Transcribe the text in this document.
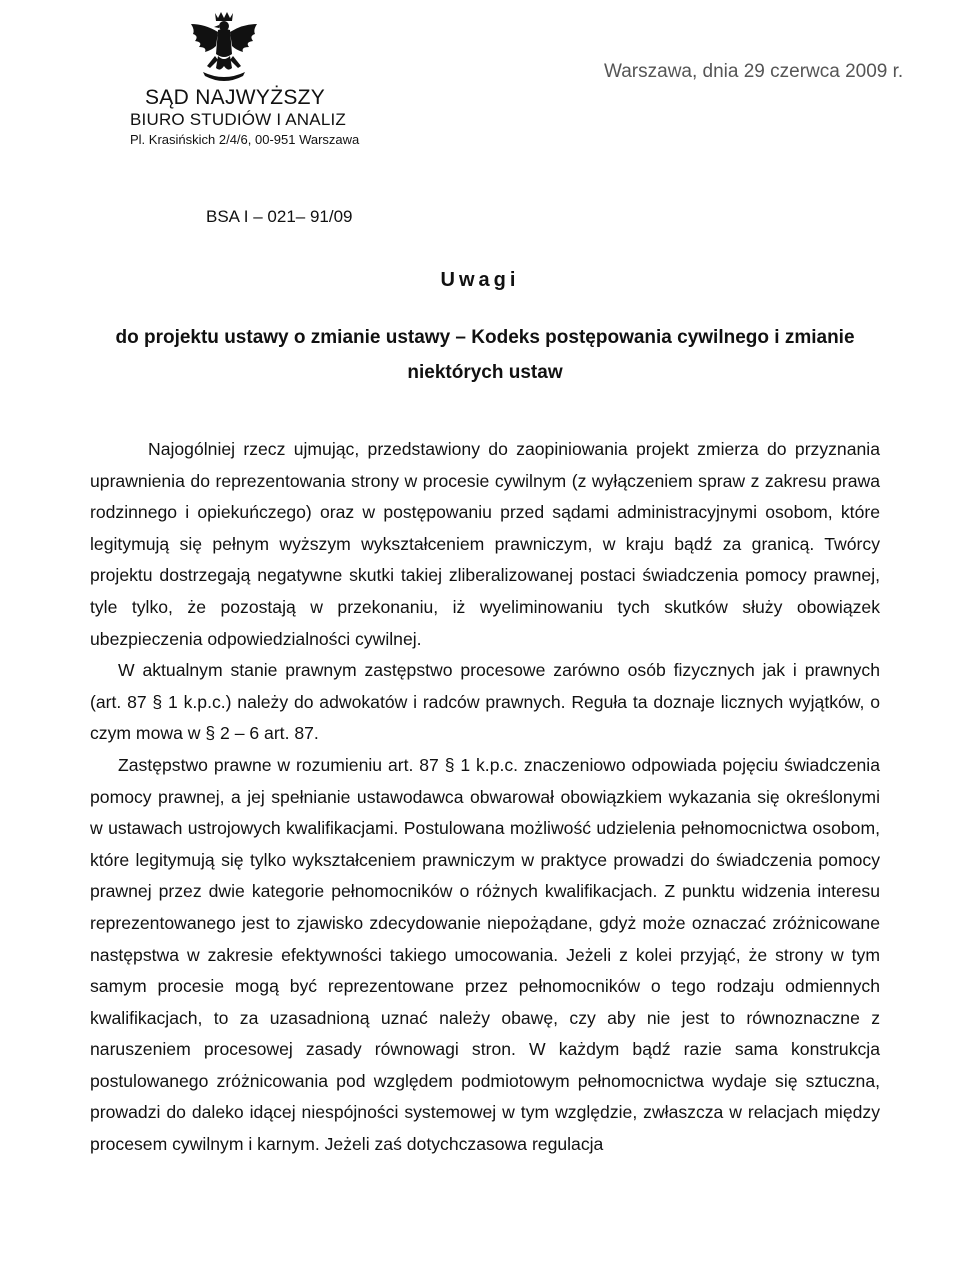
SĄD NAJWYŻSZY
BIURO STUDIÓW I ANALIZ
Pl. Krasińskich 2/4/6, 00-951 Warszawa
Warszawa, dnia 29 czerwca 2009 r.
BSA I – 021– 91/09
Uwagi
do projektu ustawy o zmianie ustawy – Kodeks postępowania cywilnego i zmianie niektórych ustaw

Najogólniej rzecz ujmując, przedstawiony do zaopiniowania projekt zmierza do przyznania uprawnienia do reprezentowania strony w procesie cywilnym (z wyłączeniem spraw z zakresu prawa rodzinnego i opiekuńczego) oraz w postępowaniu przed sądami administracyjnymi osobom, które legitymują się pełnym wyższym wykształceniem prawniczym, w kraju bądź za granicą. Twórcy projektu dostrzegają negatywne skutki takiej zliberalizowanej postaci świadczenia pomocy prawnej, tyle tylko, że pozostają w przekonaniu, iż wyeliminowaniu tych skutków służy obowiązek ubezpieczenia odpowiedzialności cywilnej.

W aktualnym stanie prawnym zastępstwo procesowe zarówno osób fizycznych jak i prawnych (art. 87 § 1 k.p.c.) należy do adwokatów i radców prawnych. Reguła ta doznaje licznych wyjątków, o czym mowa w § 2 – 6 art. 87.

Zastępstwo prawne w rozumieniu art. 87 § 1 k.p.c. znaczeniowo odpowiada pojęciu świadczenia pomocy prawnej, a jej spełnianie ustawodawca obwarował obowiązkiem wykazania się określonymi w ustawach ustrojowych kwalifikacjami. Postulowana możliwość udzielenia pełnomocnictwa osobom, które legitymują się tylko wykształceniem prawniczym w praktyce prowadzi do świadczenia pomocy prawnej przez dwie kategorie pełnomocników o różnych kwalifikacjach. Z punktu widzenia interesu reprezentowanego jest to zjawisko zdecydowanie niepożądane, gdyż może oznaczać zróżnicowane następstwa w zakresie efektywności takiego umocowania. Jeżeli z kolei przyjąć, że strony w tym samym procesie mogą być reprezentowane przez pełnomocników o tego rodzaju odmiennych kwalifikacjach, to za uzasadnioną uznać należy obawę, czy aby nie jest to równoznaczne z naruszeniem procesowej zasady równowagi stron. W każdym bądź razie sama konstrukcja postulowanego zróżnicowania pod względem podmiotowym pełnomocnictwa wydaje się sztuczna, prowadzi do daleko idącej niespójności systemowej w tym względzie, zwłaszcza w relacjach między procesem cywilnym i karnym. Jeżeli zaś dotychczasowa regulacja
